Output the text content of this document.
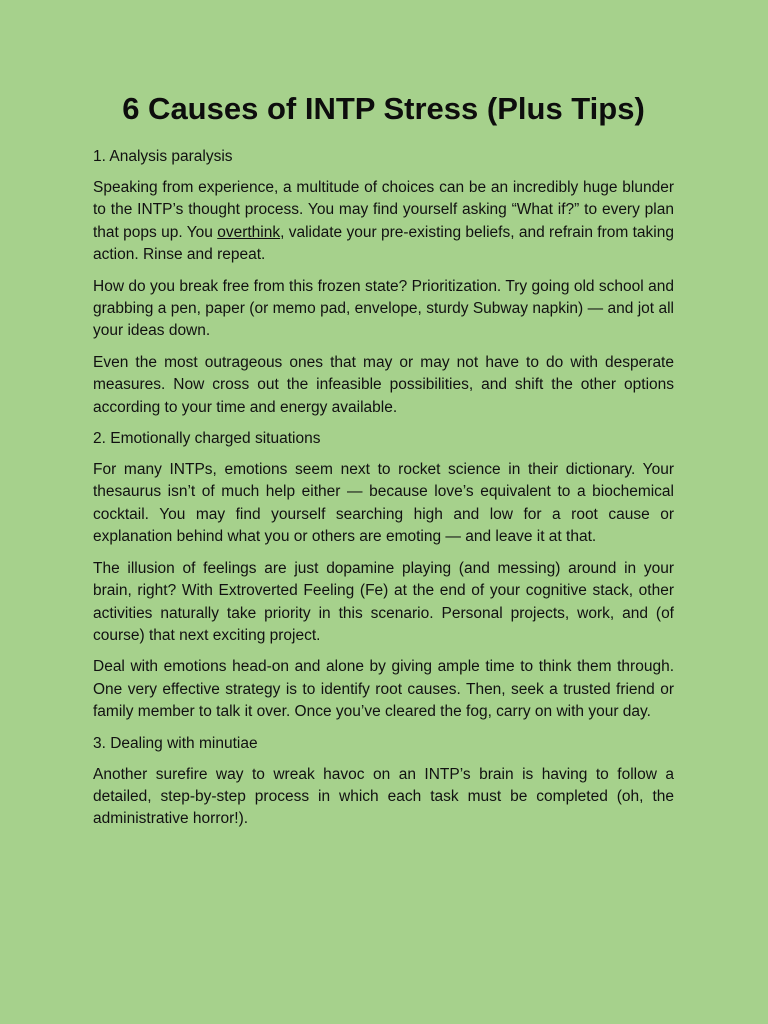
6 Causes of INTP Stress (Plus Tips)

1. Analysis paralysis

Speaking from experience, a multitude of choices can be an incredibly huge blunder to the INTP’s thought process. You may find yourself asking “What if?” to every plan that pops up. You overthink, validate your pre-existing beliefs, and refrain from taking action. Rinse and repeat.

How do you break free from this frozen state? Prioritization. Try going old school and grabbing a pen, paper (or memo pad, envelope, sturdy Subway napkin) — and jot all your ideas down.

Even the most outrageous ones that may or may not have to do with desperate measures. Now cross out the infeasible possibilities, and shift the other options according to your time and energy available.

2. Emotionally charged situations

For many INTPs, emotions seem next to rocket science in their dictionary. Your thesaurus isn’t of much help either — because love’s equivalent to a biochemical cocktail. You may find yourself searching high and low for a root cause or explanation behind what you or others are emoting — and leave it at that.

The illusion of feelings are just dopamine playing (and messing) around in your brain, right? With Extroverted Feeling (Fe) at the end of your cognitive stack, other activities naturally take priority in this scenario. Personal projects, work, and (of course) that next exciting project.

Deal with emotions head-on and alone by giving ample time to think them through. One very effective strategy is to identify root causes. Then, seek a trusted friend or family member to talk it over. Once you’ve cleared the fog, carry on with your day.

3. Dealing with minutiae

Another surefire way to wreak havoc on an INTP’s brain is having to follow a detailed, step-by-step process in which each task must be completed (oh, the administrative horror!).
